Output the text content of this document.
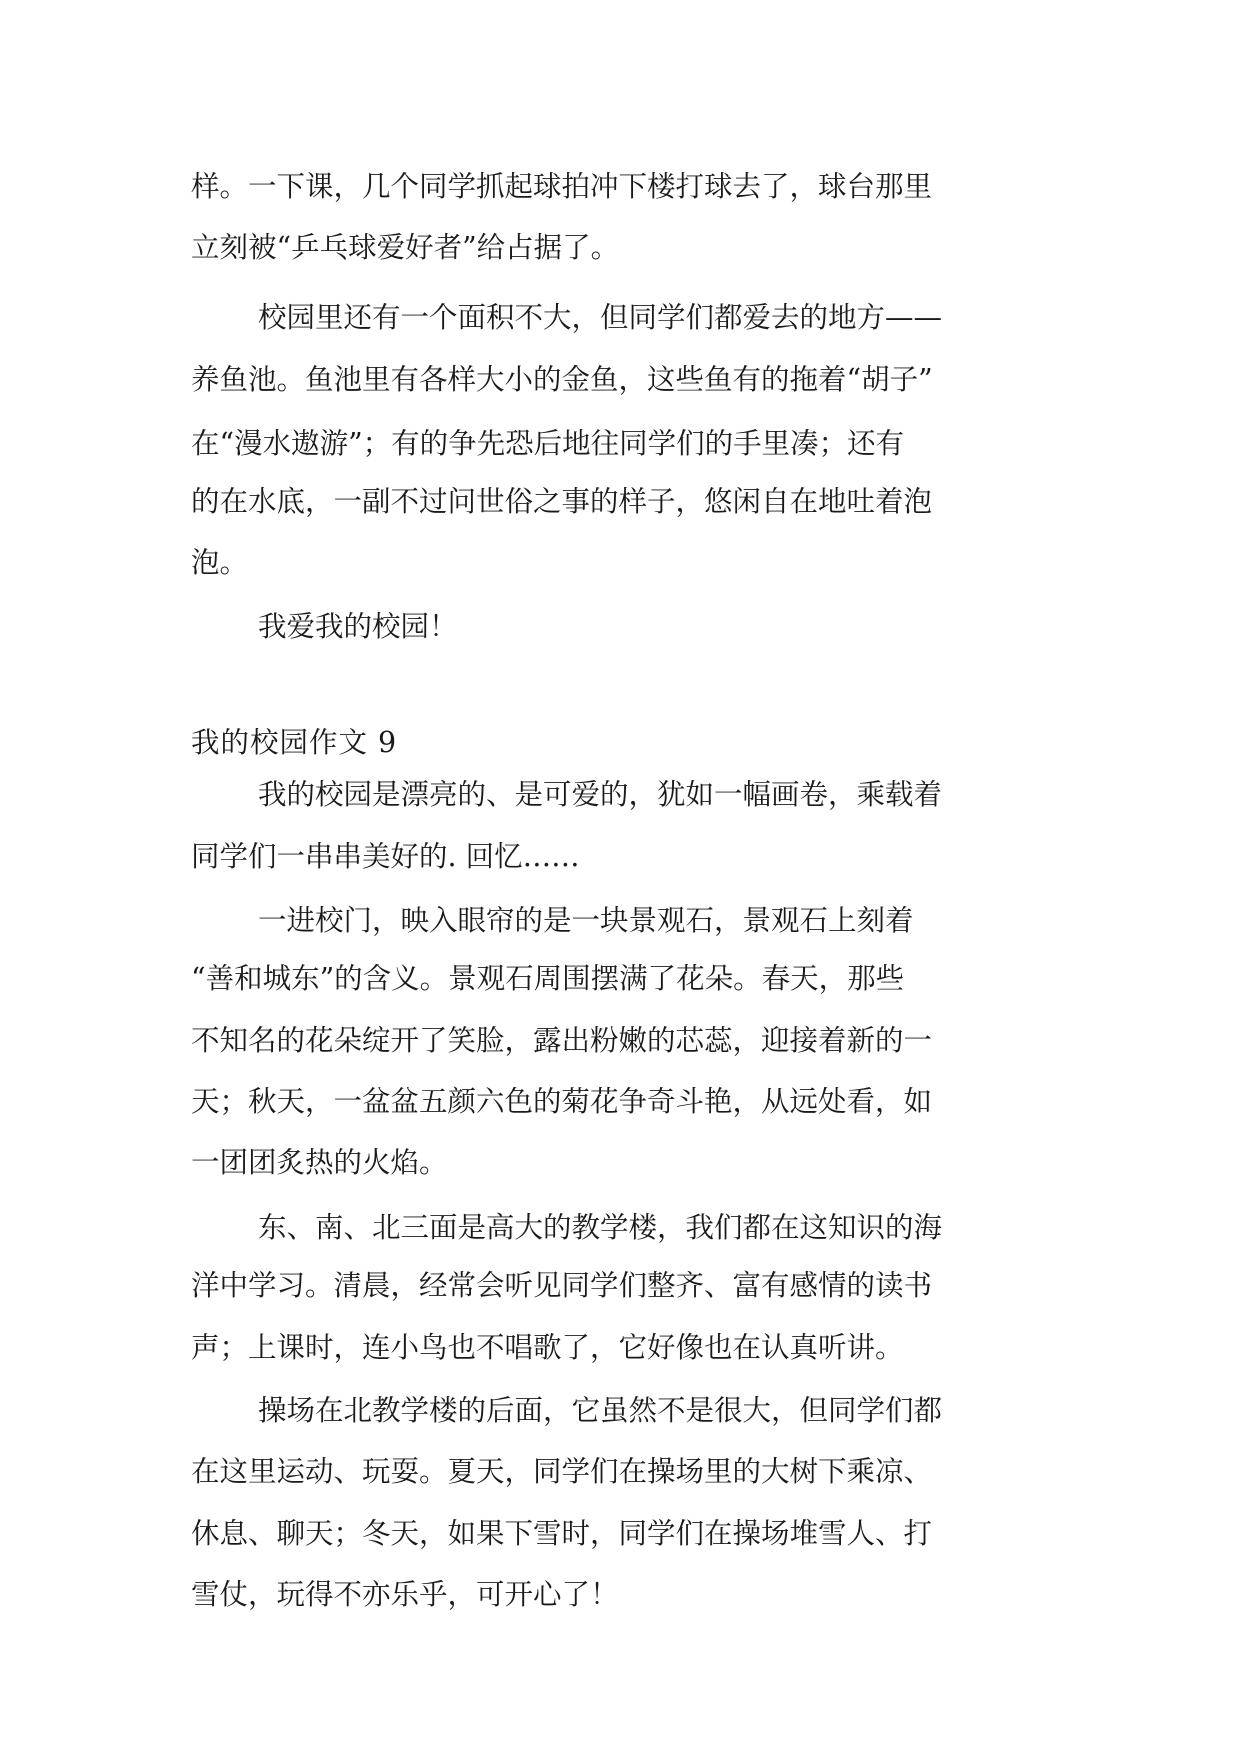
样。一下课，几个同学抓起球拍冲下楼打球去了，球台那里
立刻被“乒乓球爱好者”给占据了。
校园里还有一个面积不大，但同学们都爱去的地方——
养鱼池。鱼池里有各样大小的金鱼，这些鱼有的拖着“胡子”
在“漫水遨游”；有的争先恐后地往同学们的手里凑；还有
的在水底，一副不过问世俗之事的样子，悠闲自在地吐着泡
泡。
我爱我的校园！
我的校园作文 9
我的校园是漂亮的、是可爱的，犹如一幅画卷，乘载着
同学们一串串美好的. 回忆……
一进校门，映入眼帘的是一块景观石，景观石上刻着
“善和城东”的含义。景观石周围摆满了花朵。春天，那些
不知名的花朵绽开了笑脸，露出粉嫩的芯蕊，迎接着新的一
天；秋天，一盆盆五颜六色的菊花争奇斗艳，从远处看，如
一团团炙热的火焰。
东、南、北三面是高大的教学楼，我们都在这知识的海
洋中学习。清晨，经常会听见同学们整齐、富有感情的读书
声；上课时，连小鸟也不唱歌了，它好像也在认真听讲。
操场在北教学楼的后面，它虽然不是很大，但同学们都
在这里运动、玩耍。夏天，同学们在操场里的大树下乘凉、
休息、聊天；冬天，如果下雪时，同学们在操场堆雪人、打
雪仗，玩得不亦乐乎，可开心了！
